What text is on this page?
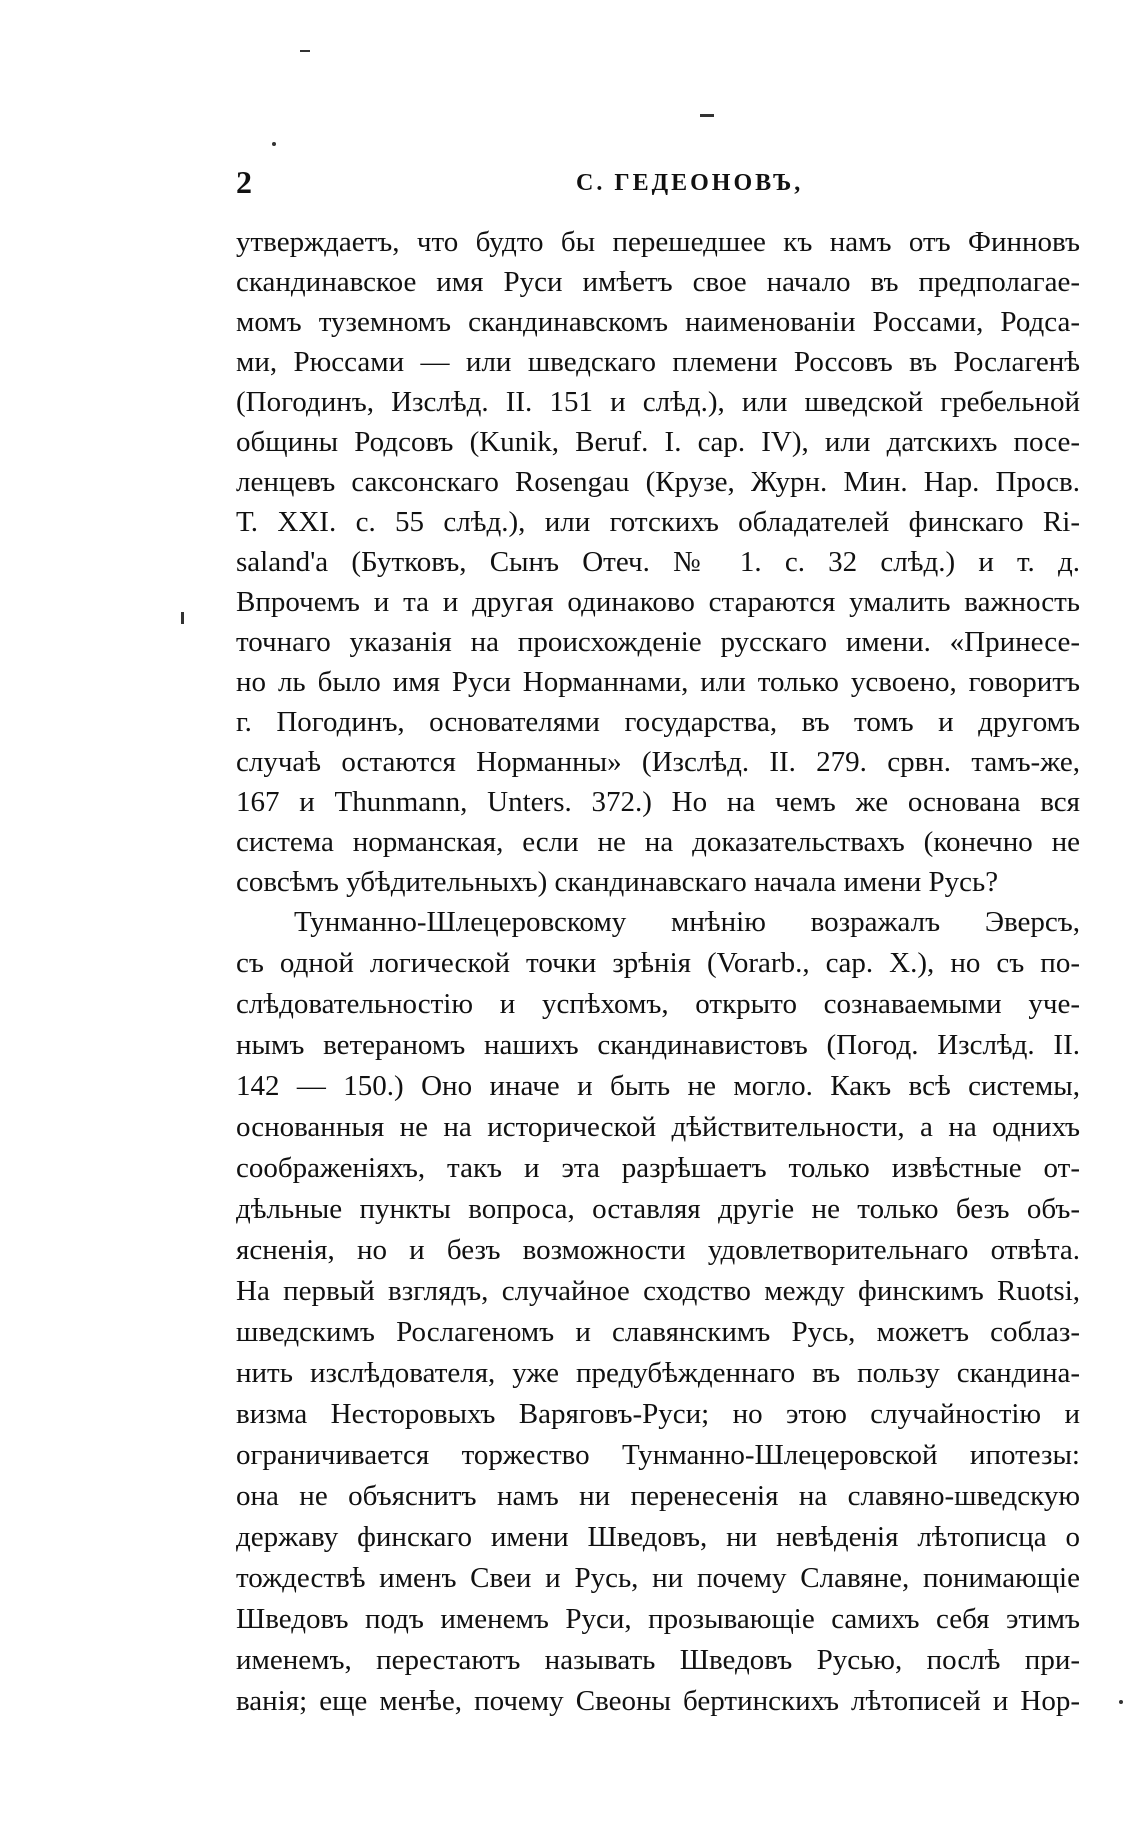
2	С. ГЕДЕОНОВЪ,
утверждаетъ, что будто бы перешедшее къ намъ отъ Финновъ
скандинавское имя Руси имѣетъ свое начало въ предполагае-
момъ туземномъ скандинавскомъ наименованіи Россами, Родса-
ми, Рюссами — или шведскаго племени Россовъ въ Рослагенѣ
(Погодинъ, Изслѣд. II. 151 и слѣд.), или шведской гребельной
общины Родсовъ (Kunik, Beruf. I. cap. IV), или датскихъ посе-
ленцевъ саксонскаго Rosengau (Крузе, Журн. Мин. Нар. Просв.
Т. XXI. с. 55 слѣд.), или готскихъ обладателей финскаго Ri-
saland'a (Бутковъ, Сынъ Отеч. № 1. с. 32 слѣд.) и т. д.
Впрочемъ и та и другая одинаково стараются умалить важность
точнаго указанія на происхожденіе русскаго имени. «Принесе-
но ль было имя Руси Норманнами, или только усвоено, говоритъ
г. Погодинъ, основателями государства, въ томъ и другомъ
случаѣ остаются Норманны» (Изслѣд. II. 279. срвн. тамъ-же,
167 и Thunmann, Unters. 372.) Но на чемъ же основана вся
система норманская, если не на доказательствахъ (конечно не
совсѣмъ убѣдительныхъ) скандинавскаго начала имени Русь?
Тунманно-Шлецеровскому мнѣнію возражалъ Эверсъ,
съ одной логической точки зрѣнія (Vorarb., cap. X.), но съ по-
слѣдовательностію и успѣхомъ, открыто сознаваемыми уче-
нымъ ветераномъ нашихъ скандинавистовъ (Погод. Изслѣд. II.
142 — 150.) Оно иначе и быть не могло. Какъ всѣ системы,
основанныя не на исторической дѣйствительности, а на однихъ
соображеніяхъ, такъ и эта разрѣшаетъ только извѣстные от-
дѣльные пункты вопроса, оставляя другіе не только безъ объ-
ясненія, но и безъ возможности удовлетворительнаго отвѣта.
На первый взглядъ, случайное сходство между финскимъ Ruotsi,
шведскимъ Рослагеномъ и славянскимъ Русь, можетъ соблаз-
нить изслѣдователя, уже предубѣжденнаго въ пользу скандина-
визма Несторовыхъ Варяговъ-Руси; но этою случайностію и
ограничивается торжество Тунманно-Шлецеровской ипотезы:
она не объяснитъ намъ ни перенесенія на славяно-шведскую
державу финскаго имени Шведовъ, ни невѣденія лѣтописца о
тождествѣ именъ Свеи и Русь, ни почему Славяне, понимающіе
Шведовъ подъ именемъ Руси, прозывающіе самихъ себя этимъ
именемъ, перестаютъ называть Шведовъ Русью, послѣ при-
ванія; еще менѣе, почему Свеоны бертинскихъ лѣтописей и Нор-
